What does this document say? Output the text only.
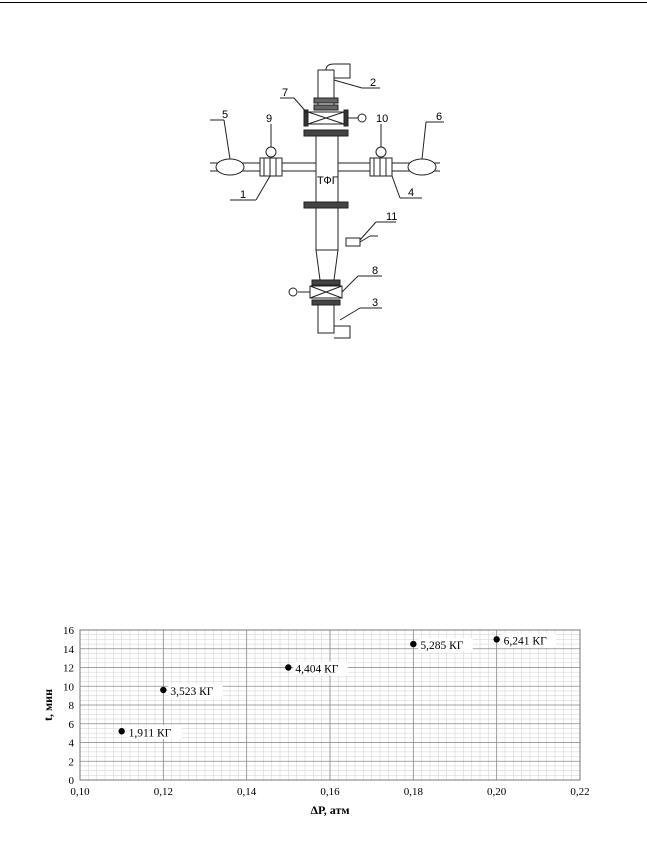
2
7
5	9	10	6
1	4
ТФГ
11
8
3
0,10	0,12	0,14	0,16	0,18	0,20	0,22
0
2
4
6
8
10
12
14
16
1,911 КГ
3,523 КГ
4,404 КГ
5,285 КГ	6,241 КГ
ΔР, атм
t, мин
